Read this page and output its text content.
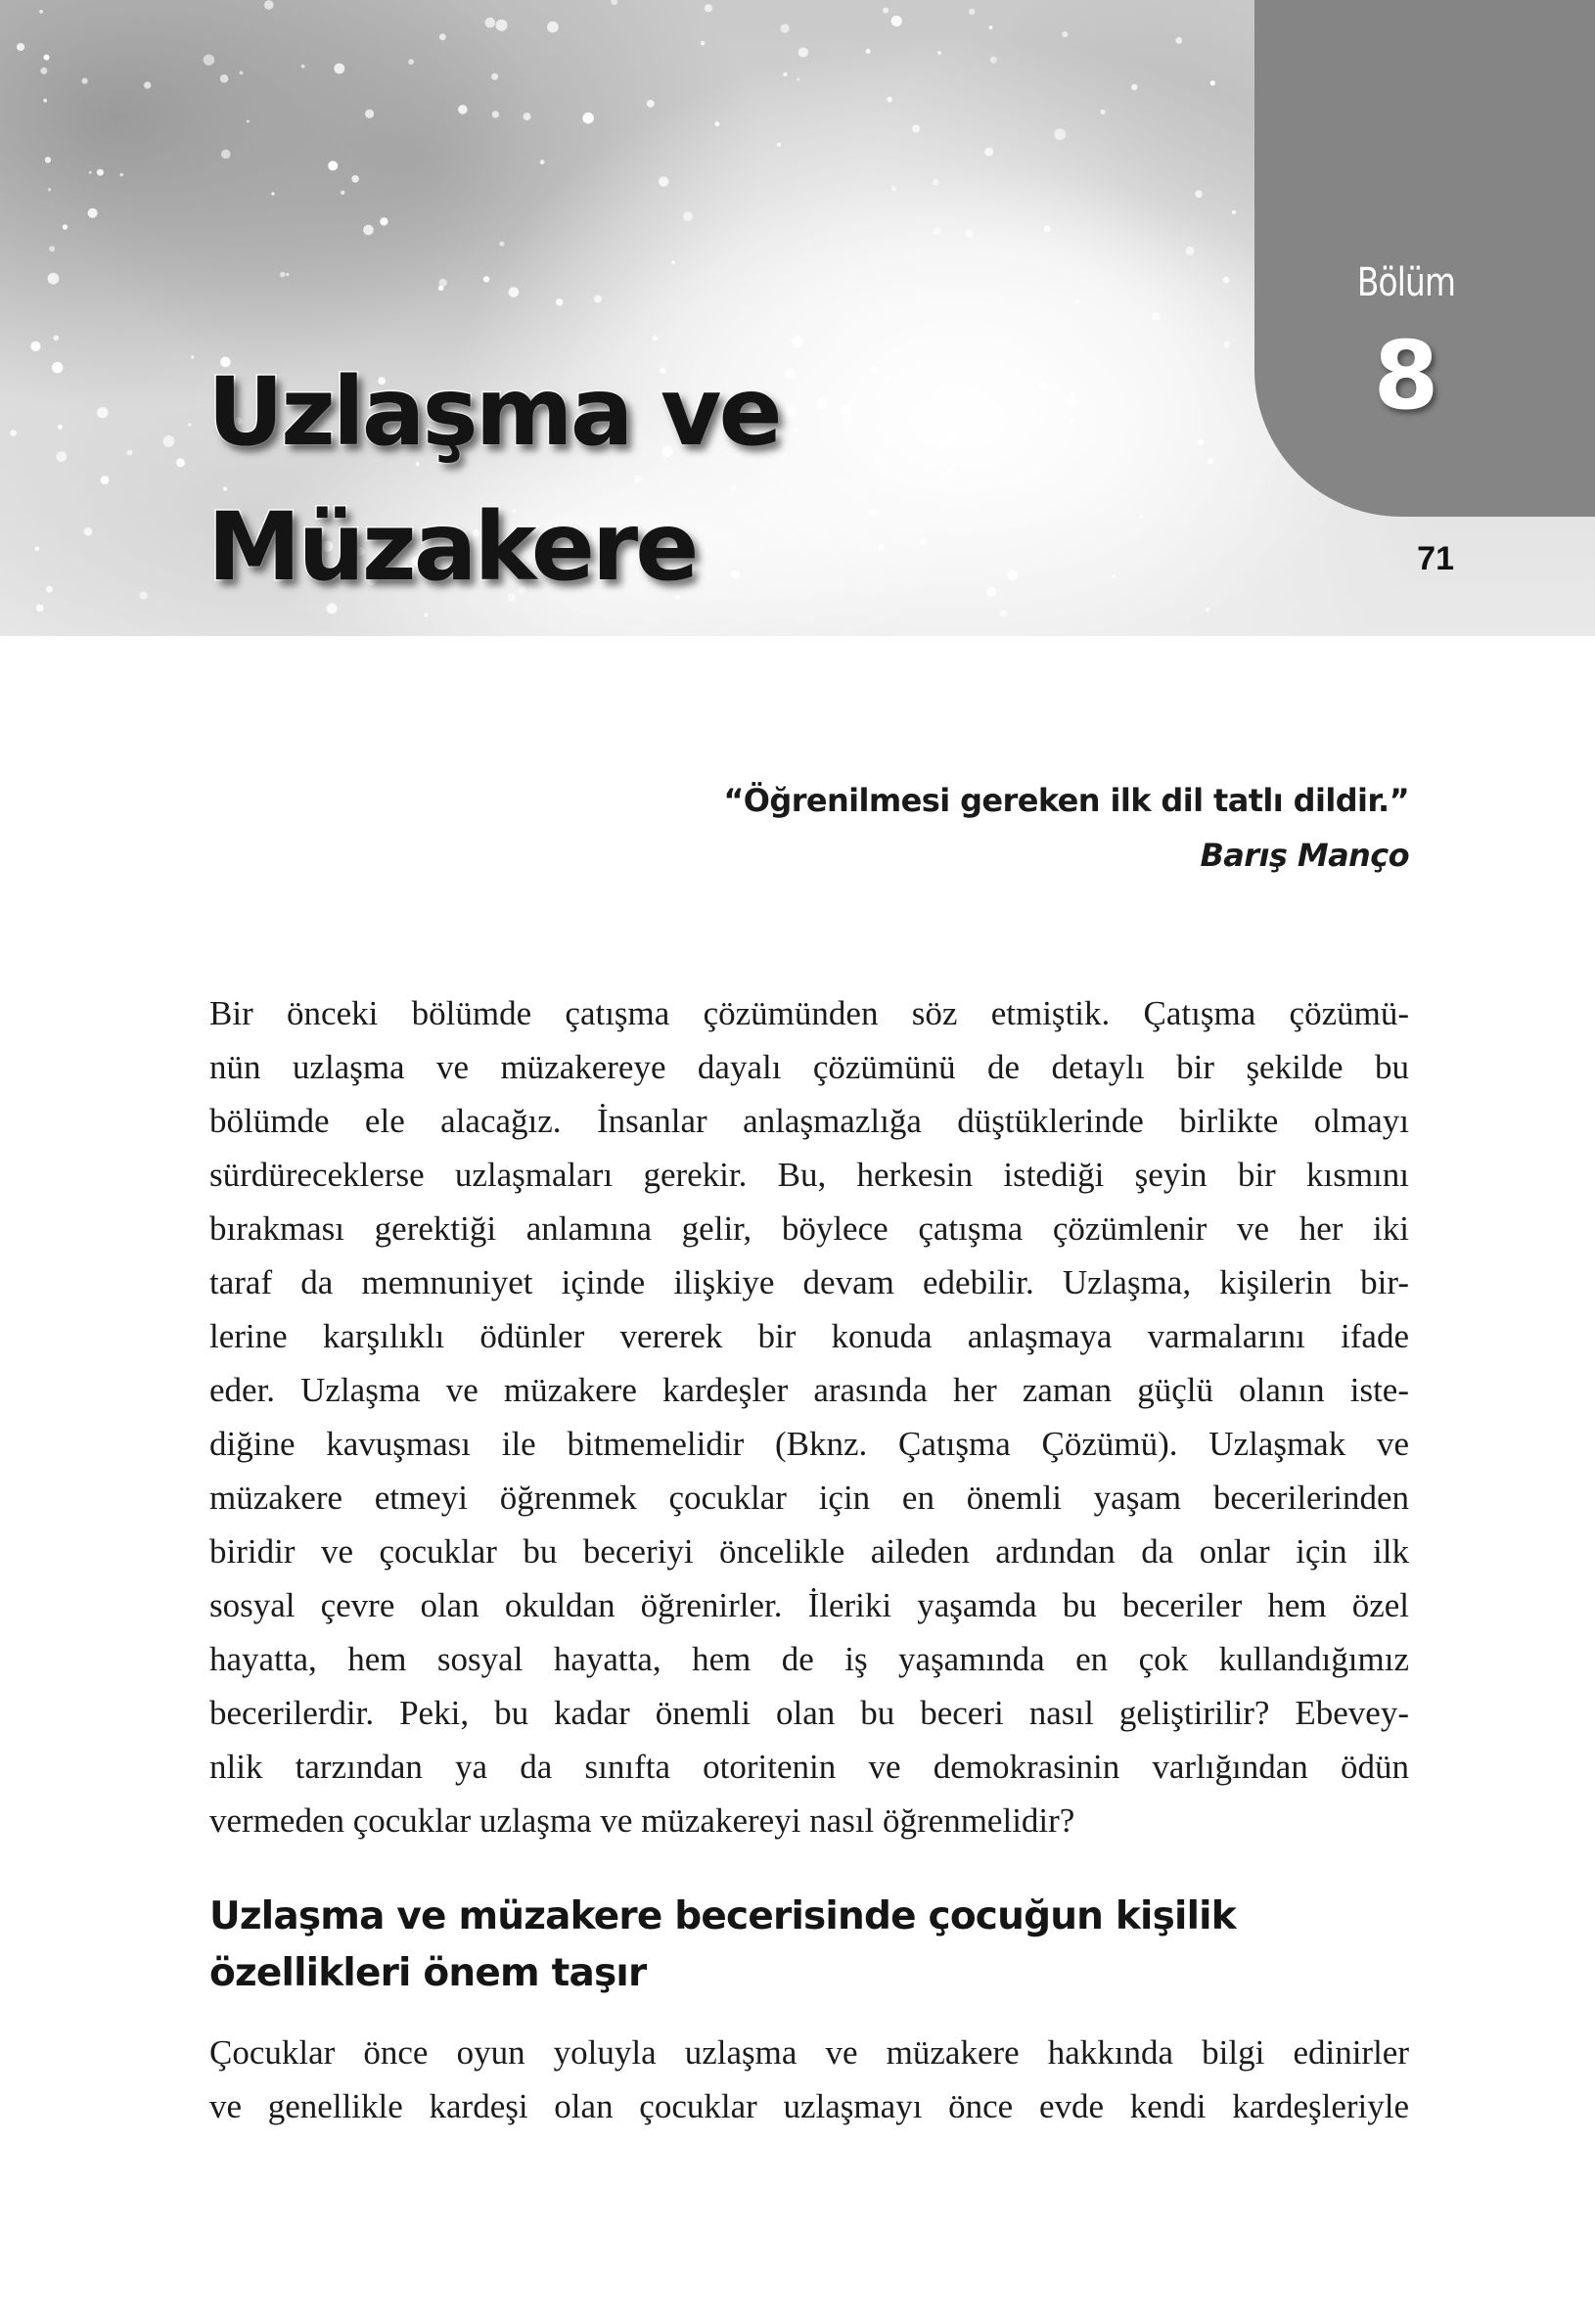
Bölüm
8
71
Uzlaşma ve
Müzakere
“Öğrenilmesi gereken ilk dil tatlı dildir.”
Barış Manço

Bir önceki bölümde çatışma çözümünden söz etmiştik. Çatışma çözümü-
nün uzlaşma ve müzakereye dayalı çözümünü de detaylı bir şekilde bu
bölümde ele alacağız. İnsanlar anlaşmazlığa düştüklerinde birlikte olmayı
sürdüreceklerse uzlaşmaları gerekir. Bu, herkesin istediği şeyin bir kısmını
bırakması gerektiği anlamına gelir, böylece çatışma çözümlenir ve her iki
taraf da memnuniyet içinde ilişkiye devam edebilir. Uzlaşma, kişilerin bir-
lerine karşılıklı ödünler vererek bir konuda anlaşmaya varmalarını ifade
eder. Uzlaşma ve müzakere kardeşler arasında her zaman güçlü olanın iste-
diğine kavuşması ile bitmemelidir (Bknz. Çatışma Çözümü). Uzlaşmak ve
müzakere etmeyi öğrenmek çocuklar için en önemli yaşam becerilerinden
biridir ve çocuklar bu beceriyi öncelikle aileden ardından da onlar için ilk
sosyal çevre olan okuldan öğrenirler. İleriki yaşamda bu beceriler hem özel
hayatta, hem sosyal hayatta, hem de iş yaşamında en çok kullandığımız
becerilerdir. Peki, bu kadar önemli olan bu beceri nasıl geliştirilir? Ebevey-
nlik tarzından ya da sınıfta otoritenin ve demokrasinin varlığından ödün
vermeden çocuklar uzlaşma ve müzakereyi nasıl öğrenmelidir?

Uzlaşma ve müzakere becerisinde çocuğun kişilik
özellikleri önem taşır

Çocuklar önce oyun yoluyla uzlaşma ve müzakere hakkında bilgi edinirler
ve genellikle kardeşi olan çocuklar uzlaşmayı önce evde kendi kardeşleriyle
